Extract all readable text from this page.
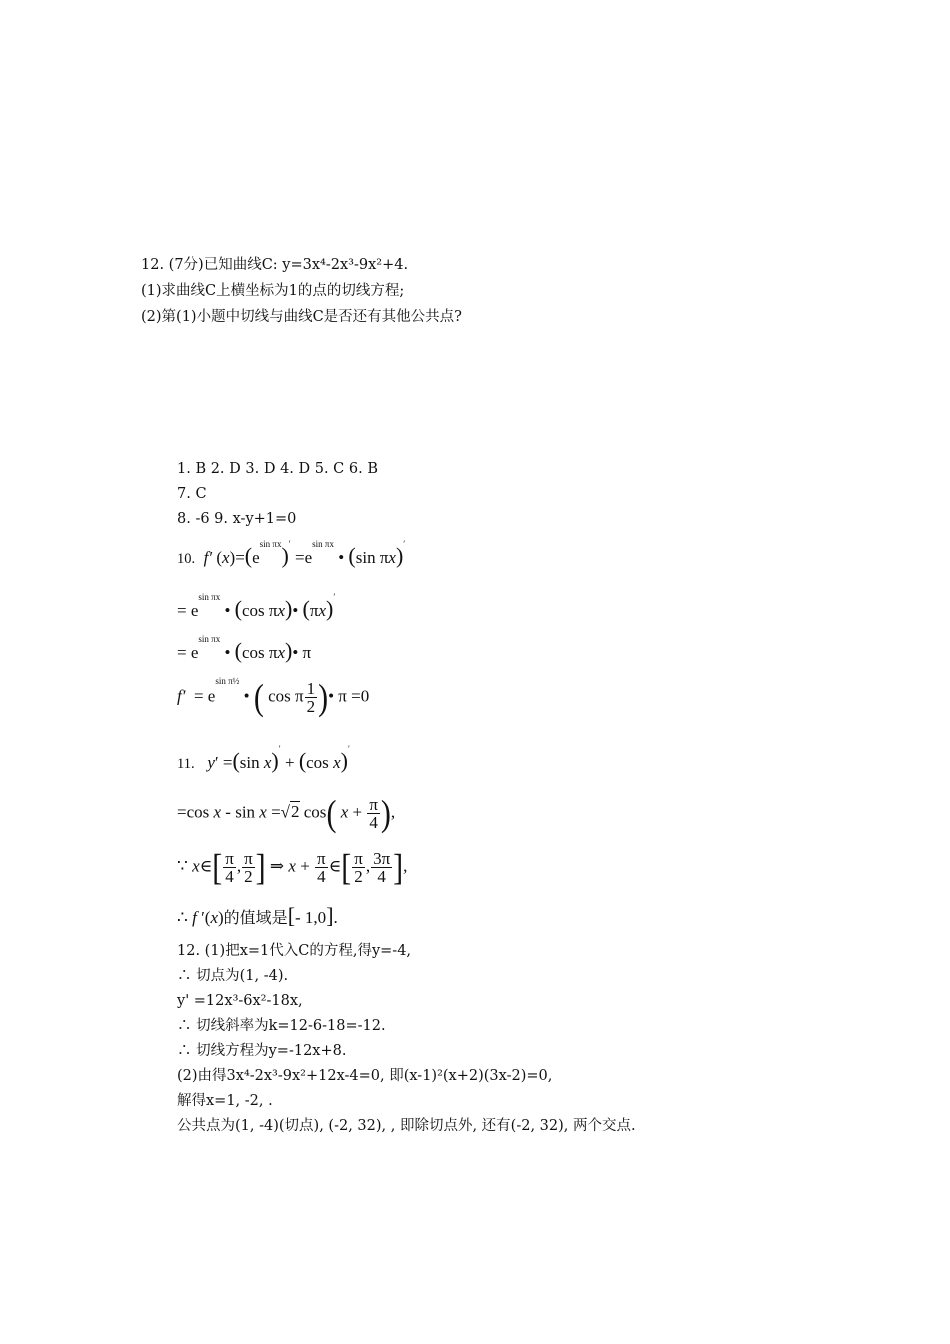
12. (7分)已知曲线C: y=3x⁴-2x³-9x²+4.
(1)求曲线C上横坐标为1的点的切线方程;
(2)第(1)小题中切线与曲线C是否还有其他公共点?
1. B 2. D 3. D 4. D 5. C 6. B
7. C
8. -6 9. x-y+1=0
10. f′ $(x)=(e^{sin \pi x})' =e^{sin \pi x}$ • (sin πx)′
= $e^{sin \pi x}$ • (cos πx)• (πx)′
= $e^{sin \pi x}$ • (cos πx)• π
$f' = e^{sin \pi\frac{1}{2}}$ • ( cos π $\frac{1}{2}$ )• π =0
11. y′ =(sin x)′ + (cos x)′
=cos x - sin x =√2 cos( $x + \frac{\pi}{4}$ ),
∵ x∈[ $\frac{\pi}{4}$ , $\frac{\pi}{2}$ ] ⇒ $x + \frac{\pi}{4}$ ∈[ $\frac{\pi}{2}$ , $\frac{3\pi}{4}$ ],
∴ f ′(x)的值域是[- 1,0].
12. (1)把x=1代入C的方程,得y=-4,
∴ 切点为(1, -4).
y' =12x³-6x²-18x,
∴ 切线斜率为k=12-6-18=-12.
∴ 切线方程为y=-12x+8.
(2)由得3x⁴-2x³-9x²+12x-4=0, 即(x-1)²(x+2)(3x-2)=0,
解得x=1, -2, .
公共点为(1, -4)(切点), (-2, 32), , 即除切点外, 还有(-2, 32), 两个交点.
